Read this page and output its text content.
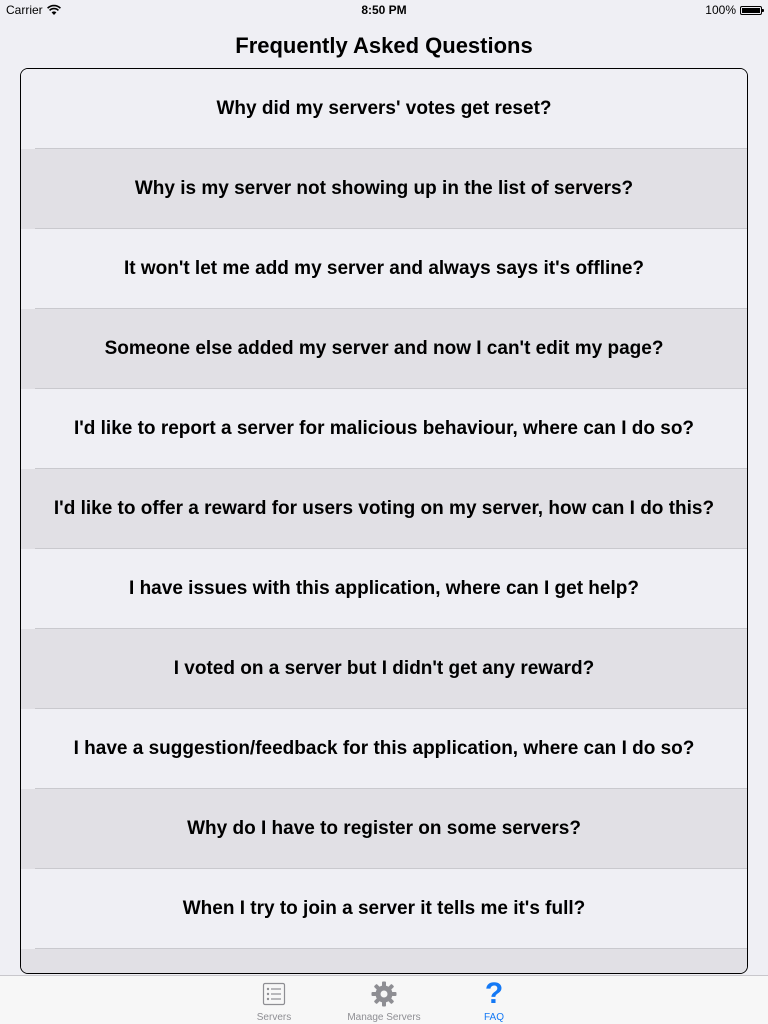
Carrier	8:50 PM	100%
Frequently Asked Questions
Why did my servers' votes get reset?
Why is my server not showing up in the list of servers?
It won't let me add my server and always says it's offline?
Someone else added my server and now I can't edit my page?
I'd like to report a server for malicious behaviour, where can I do so?
I'd like to offer a reward for users voting on my server, how can I do this?
I have issues with this application, where can I get help?
I voted on a server but I didn't get any reward?
I have a suggestion/feedback for this application, where can I do so?
Why do I have to register on some servers?
When I try to join a server it tells me it's full?
Servers	Manage Servers
?
FAQ
